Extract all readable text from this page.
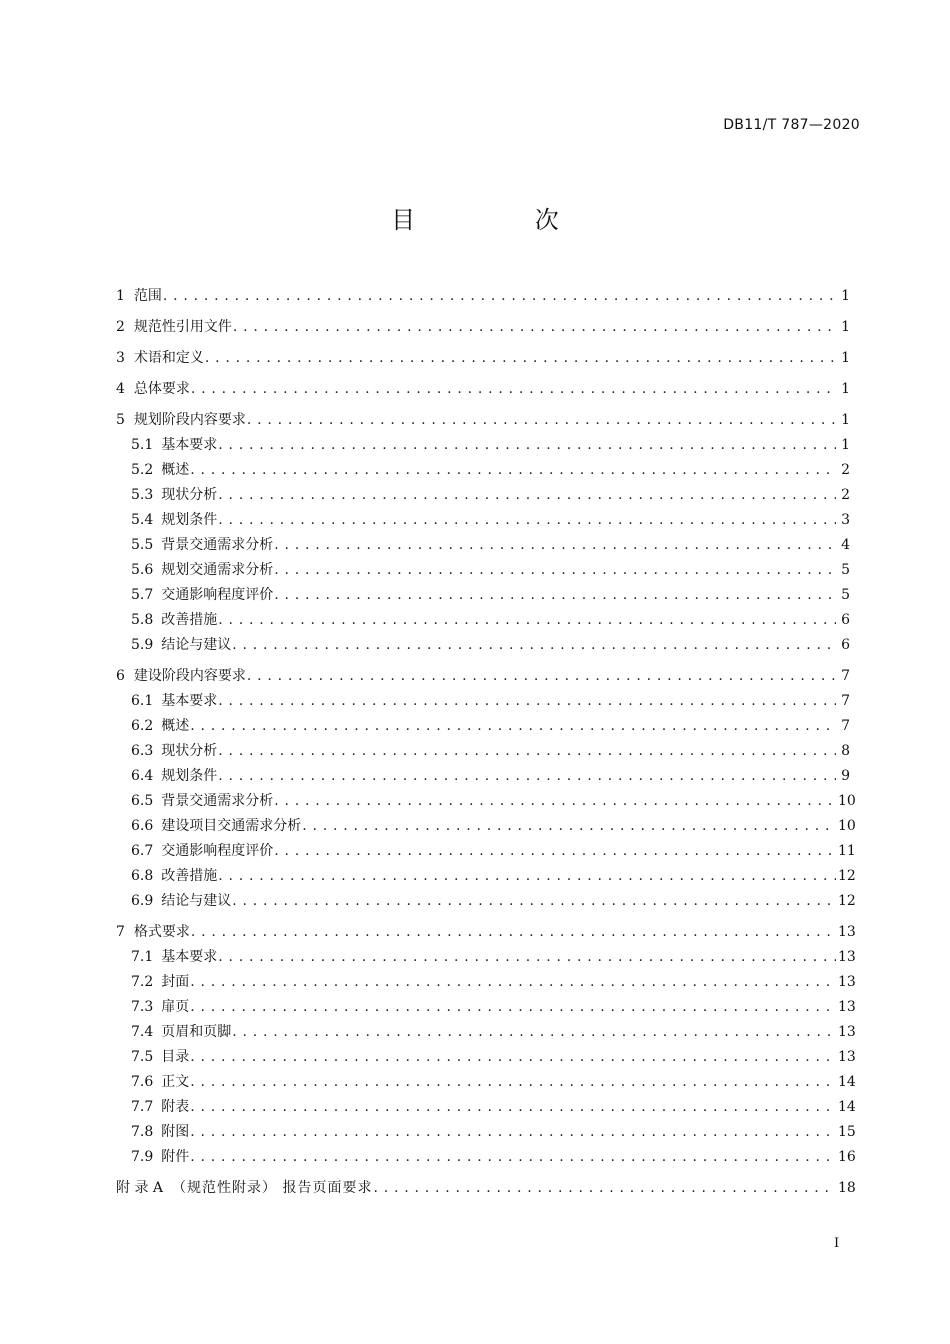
DB11/T 787—2020
目 次
1 范围 .....	1
2 规范性引用文件 .....	1
3 术语和定义 .....	1
4 总体要求 .....	1
5 规划阶段内容要求 .....	1
5.1 基本要求 .....	1
5.2 概述 .....	2
5.3 现状分析 .....	2
5.4 规划条件 .....	3
5.5 背景交通需求分析 .....	4
5.6 规划交通需求分析 .....	5
5.7 交通影响程度评价 .....	5
5.8 改善措施 .....	6
5.9 结论与建议 .....	6
6 建设阶段内容要求 .....	7
6.1 基本要求 .....	7
6.2 概述 .....	7
6.3 现状分析 .....	8
6.4 规划条件 .....	9
6.5 背景交通需求分析 .....	10
6.6 建设项目交通需求分析 .....	10
6.7 交通影响程度评价 .....	11
6.8 改善措施 .....	12
6.9 结论与建议 .....	12
7 格式要求 .....	13
7.1 基本要求 .....	13
7.2 封面 .....	13
7.3 扉页 .....	13
7.4 页眉和页脚 .....	13
7.5 目录 .....	13
7.6 正文 .....	14
7.7 附表 .....	14
7.8 附图 .....	15
7.9 附件 .....	16
附 录 A （规范性附录） 报告页面要求 .....	18
I
